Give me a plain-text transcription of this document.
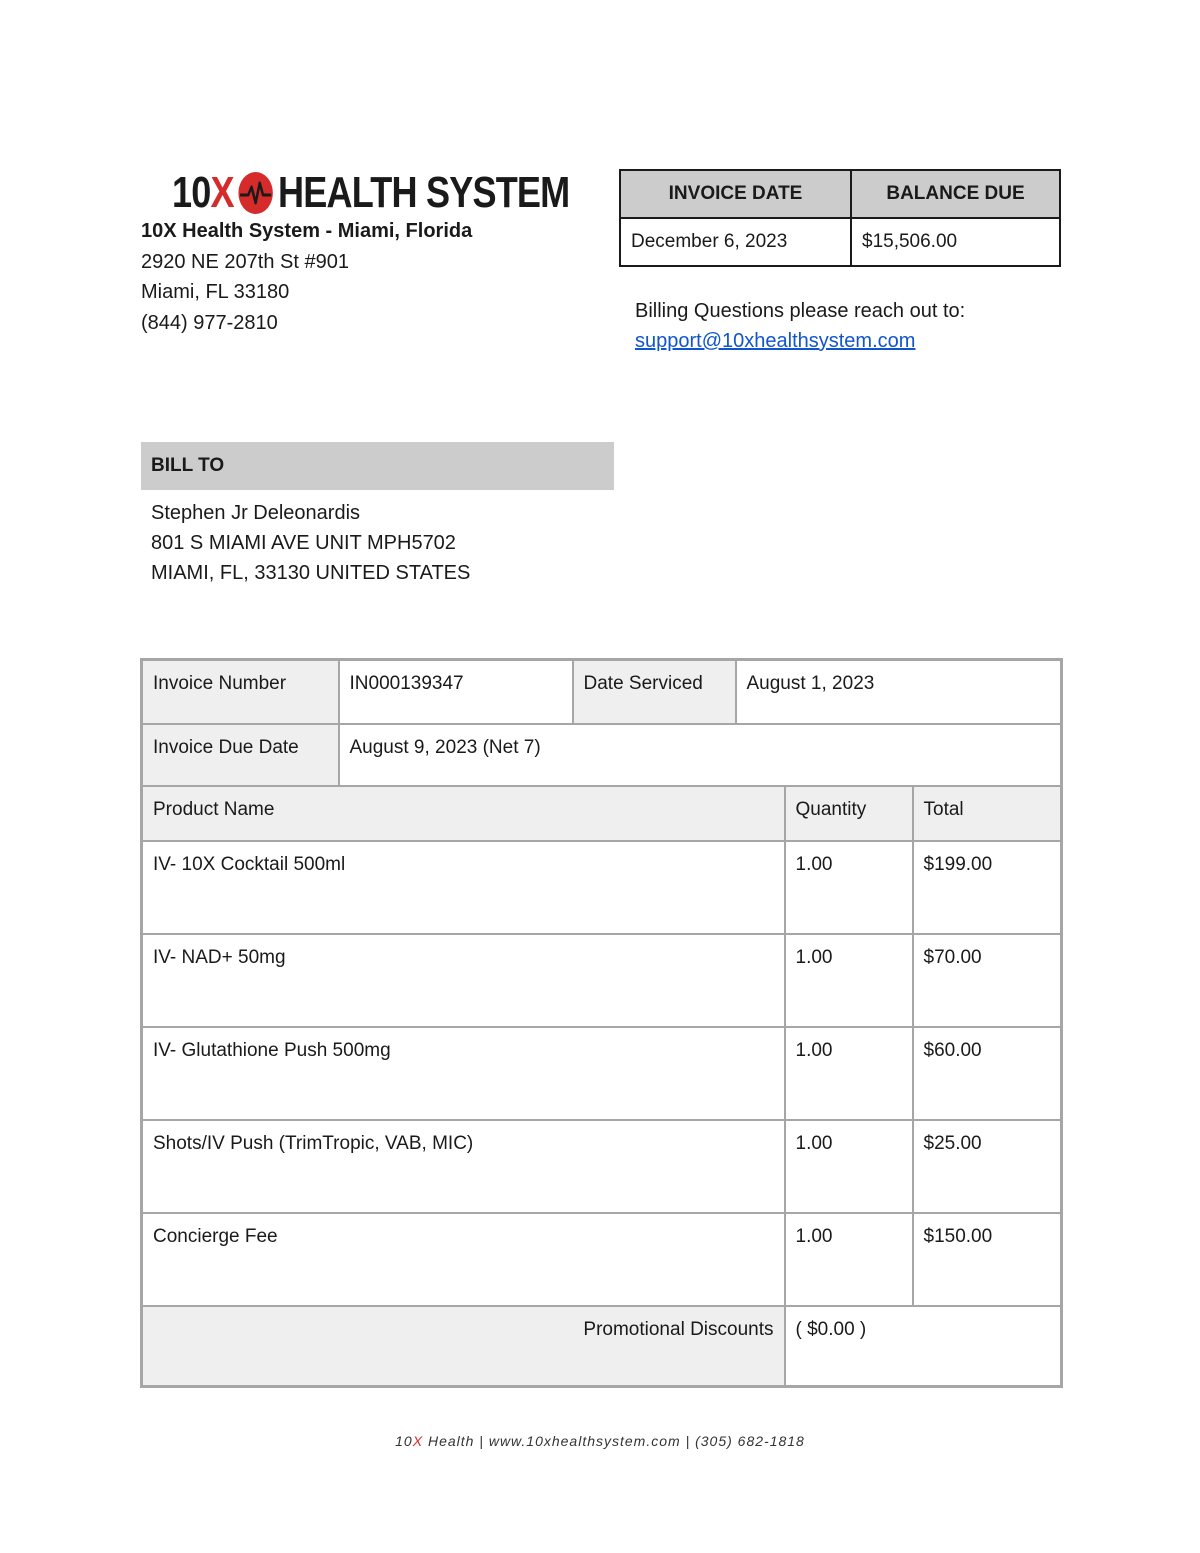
10 X HEALTH SYSTEM
10X Health System - Miami, Florida
2920 NE 207th St #901
Miami, FL 33180
(844) 977-2810
INVOICE DATE	BALANCE DUE
December 6, 2023	$15,506.00
Billing Questions please reach out to:
support@10xhealthsystem.com
BILL TO
Stephen Jr Deleonardis
801 S MIAMI AVE UNIT MPH5702
MIAMI, FL, 33130 UNITED STATES
Invoice Number	IN000139347	Date Serviced	August 1, 2023		
Invoice Due Date	August 9, 2023 (Net 7)				
Product Name				Quantity	Total
IV- 10X Cocktail 500ml				1.00	$199.00
IV- NAD+ 50mg				1.00	$70.00
IV- Glutathione Push 500mg				1.00	$60.00
Shots/IV Push (TrimTropic, VAB, MIC)				1.00	$25.00
Concierge Fee				1.00	$150.00
Promotional Discounts				( $0.00 )	
10X Health | www.10xhealthsystem.com | (305) 682-1818
